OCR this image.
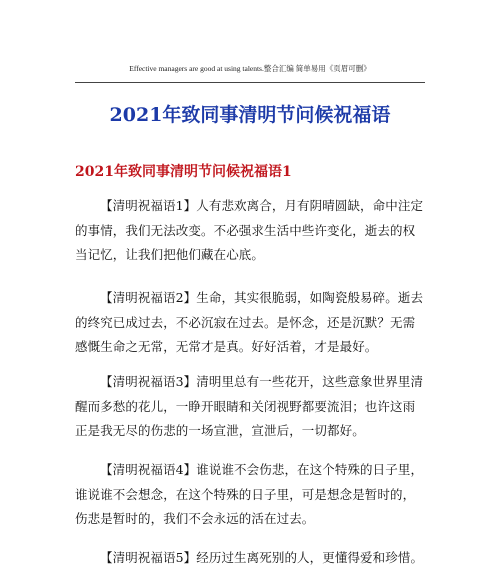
Effective managers are good at using talents.整合汇编 简单易用《页眉可删》
2021年致同事清明节问候祝福语
2021年致同事清明节问候祝福语1

【清明祝福语1】人有悲欢离合，月有阴晴圆缺，命中注定的事情，我们无法改变。不必强求生活中些许变化，逝去的权当记忆，让我们把他们藏在心底。

【清明祝福语2】生命，其实很脆弱，如陶瓷般易碎。逝去的终究已成过去，不必沉寂在过去。是怀念，还是沉默？无需感慨生命之无常，无常才是真。好好活着，才是最好。

【清明祝福语3】清明里总有一些花开，这些意象世界里清醒而多愁的花儿，一睁开眼睛和关闭视野都要流泪；也许这雨正是我无尽的伤悲的一场宣泄，宣泄后，一切都好。

【清明祝福语4】谁说谁不会伤悲，在这个特殊的日子里，谁说谁不会想念，在这个特殊的日子里，可是想念是暂时的，伤悲是暂时的，我们不会永远的活在过去。

【清明祝福语5】经历过生离死别的人，更懂得爱和珍惜。
